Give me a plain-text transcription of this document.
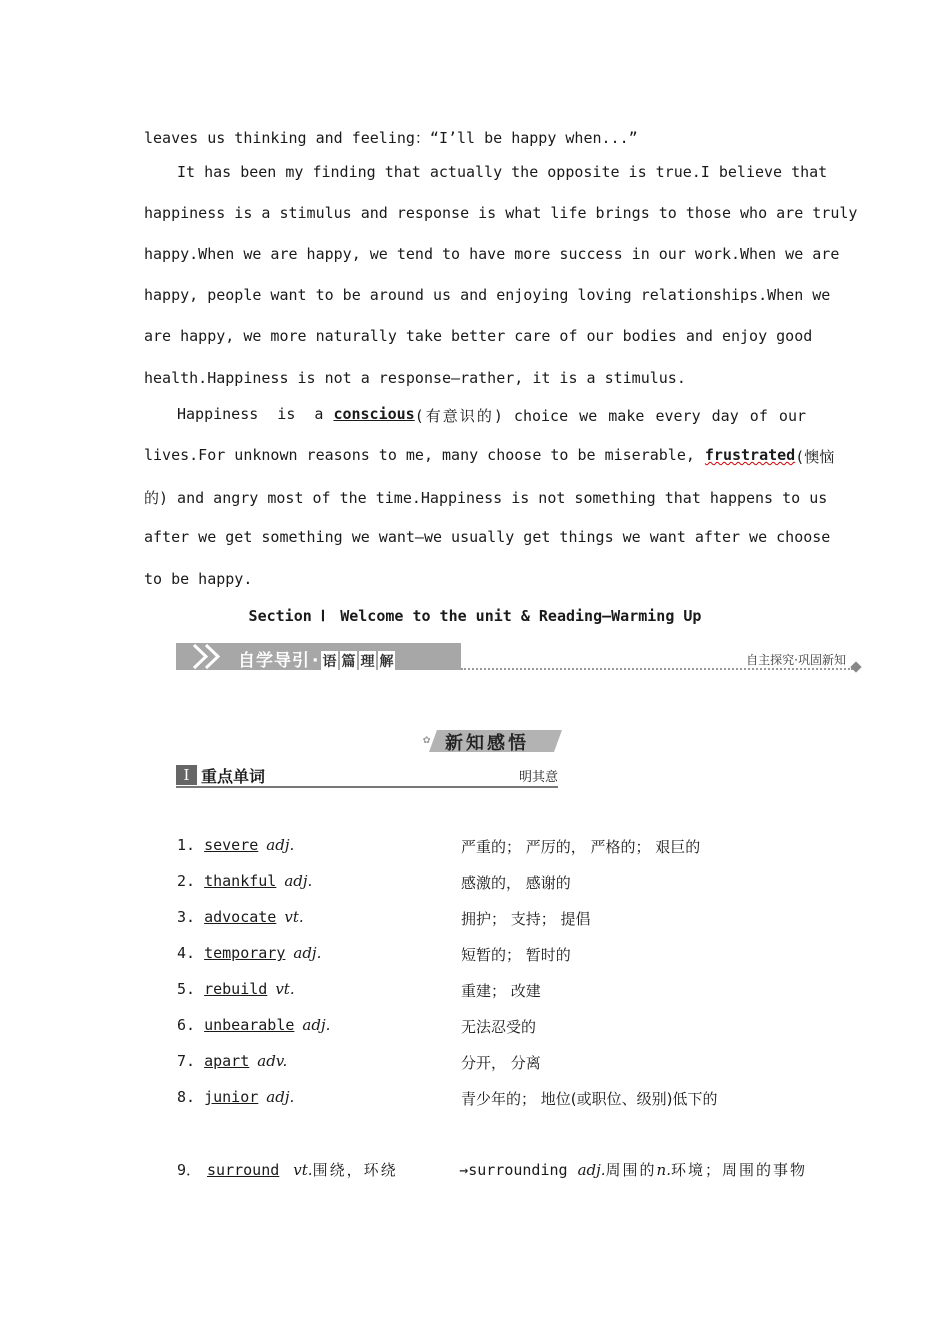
leaves us thinking and feeling：“I’ll be happy when...”
It has been my finding that actually the opposite is true.I believe that
happiness is a stimulus and response is what life brings to those who are truly
happy.When we are happy, we tend to have more success in our work.When we are
happy, people want to be around us and enjoying loving relationships.When we
are happy, we more naturally take better care of our bodies and enjoy good
health.Happiness is not a response—rather, it is a stimulus.
Happiness is a conscious (有意识的) choice we make every day of our
lives.For unknown reasons to me, many choose to be miserable, frustrated (懊恼
的) and angry most of the time.Happiness is not something that happens to us
after we get something we want—we usually get things we want after we choose
to be happy.
Section Ⅰ　Welcome to the unit & Reading—Warming Up
自学导引 · 语 篇 理 解	自主探究·巩固新知
✿ 新知感悟
Ⅰ 重点单词	明其意
1. severe adj.	严重的； 严厉的， 严格的； 艰巨的
2. thankful adj.	感激的， 感谢的
3. advocate vt.	拥护； 支持； 提倡
4. temporary adj.	短暂的； 暂时的
5. rebuild vt.	重建； 改建
6. unbearable adj.	无法忍受的
7. apart adv.	分开， 分离
8. junior adj.	青少年的； 地位(或职位、级别)低下的
9． surround vt.围绕，环绕	→surrounding adj.周围的n.环境；周围的事物
